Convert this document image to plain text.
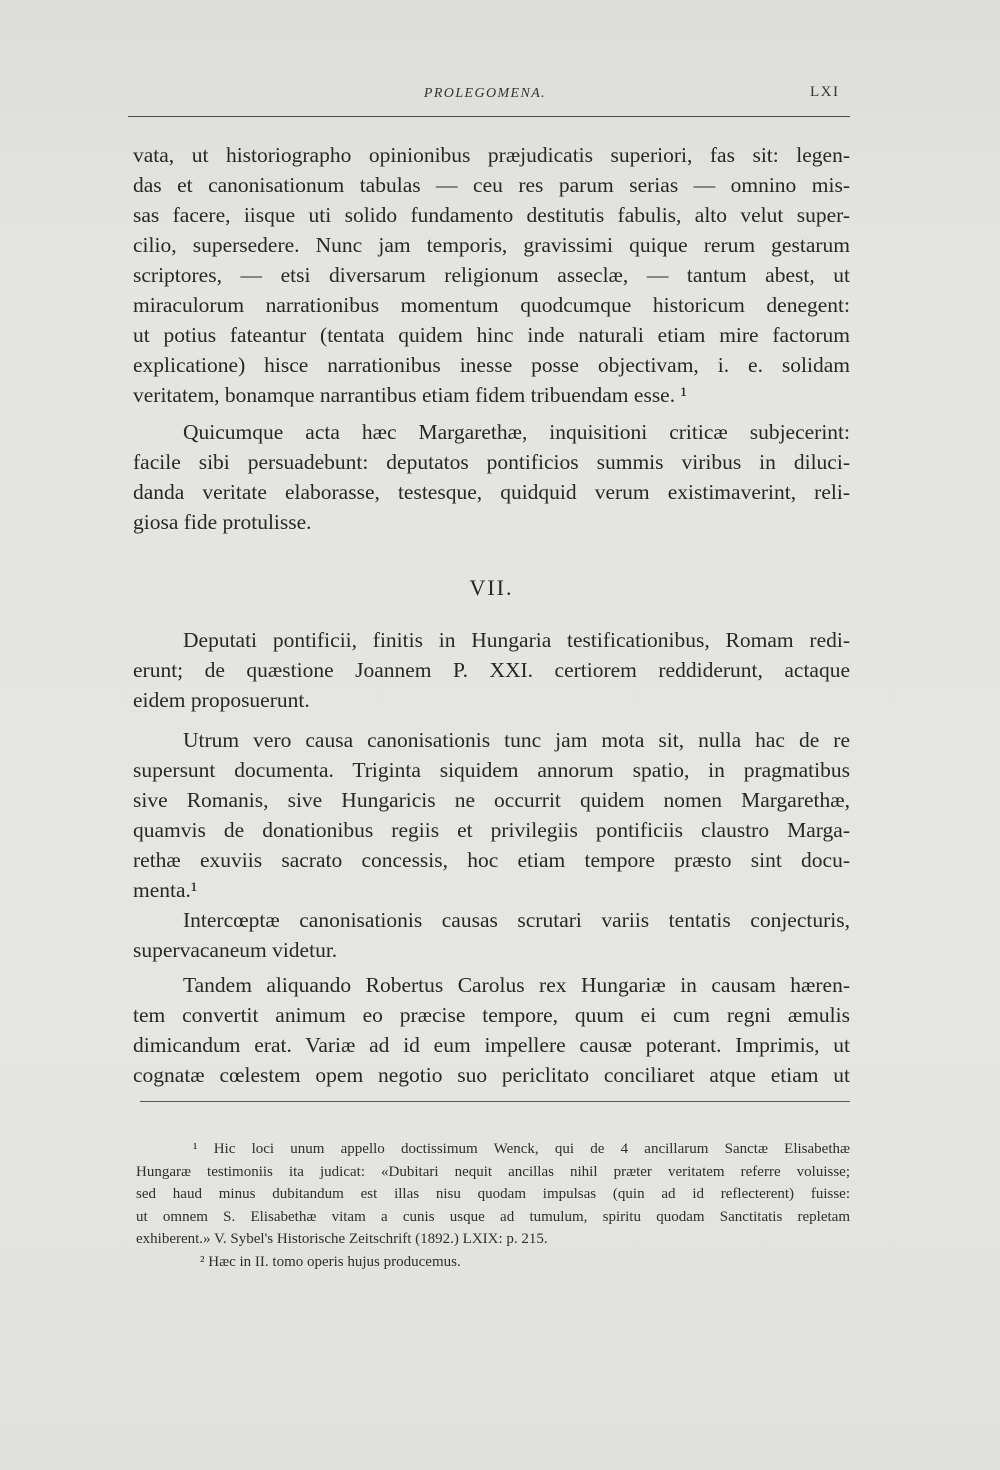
PROLEGOMENA.	LXI
vata, ut historiographo opinionibus præjudicatis superiori, fas sit: legen-
das et canonisationum tabulas — ceu res parum serias — omnino mis-
sas facere, iisque uti solido fundamento destitutis fabulis, alto velut super-
cilio, supersedere. Nunc jam temporis, gravissimi quique rerum gestarum
scriptores, — etsi diversarum religionum asseclæ, — tantum abest, ut
miraculorum narrationibus momentum quodcumque historicum denegent:
ut potius fateantur (tentata quidem hinc inde naturali etiam mire factorum
explicatione) hisce narrationibus inesse posse objectivam, i. e. solidam
veritatem, bonamque narrantibus etiam fidem tribuendam esse. ¹
Quicumque acta hæc Margarethæ, inquisitioni criticæ subjecerint:
facile sibi persuadebunt: deputatos pontificios summis viribus in diluci-
danda veritate elaborasse, testesque, quidquid verum existimaverint, reli-
giosa fide protulisse.
VII.
Deputati pontificii, finitis in Hungaria testificationibus, Romam redi-
erunt; de quæstione Joannem P. XXI. certiorem reddiderunt, actaque
eidem proposuerunt.
Utrum vero causa canonisationis tunc jam mota sit, nulla hac de re
supersunt documenta. Triginta siquidem annorum spatio, in pragmatibus
sive Romanis, sive Hungaricis ne occurrit quidem nomen Margarethæ,
quamvis de donationibus regiis et privilegiis pontificiis claustro Marga-
rethæ exuviis sacrato concessis, hoc etiam tempore præsto sint docu-
menta.¹
Intercœptæ canonisationis causas scrutari variis tentatis conjecturis,
supervacaneum videtur.
Tandem aliquando Robertus Carolus rex Hungariæ in causam hæren-
tem convertit animum eo præcise tempore, quum ei cum regni æmulis
dimicandum erat. Variæ ad id eum impellere causæ poterant. Imprimis, ut
cognatæ cœlestem opem negotio suo periclitato conciliaret atque etiam ut
¹ Hic loci unum appello doctissimum Wenck, qui de 4 ancillarum Sanctæ Elisabethæ
Hungaræ testimoniis ita judicat: «Dubitari nequit ancillas nihil præter veritatem referre voluisse;
sed haud minus dubitandum est illas nisu quodam impulsas (quin ad id reflecterent) fuisse:
ut omnem S. Elisabethæ vitam a cunis usque ad tumulum, spiritu quodam Sanctitatis repletam
exhiberent.» V. Sybel's Historische Zeitschrift (1892.) LXIX: p. 215.
² Hæc in II. tomo operis hujus producemus.
